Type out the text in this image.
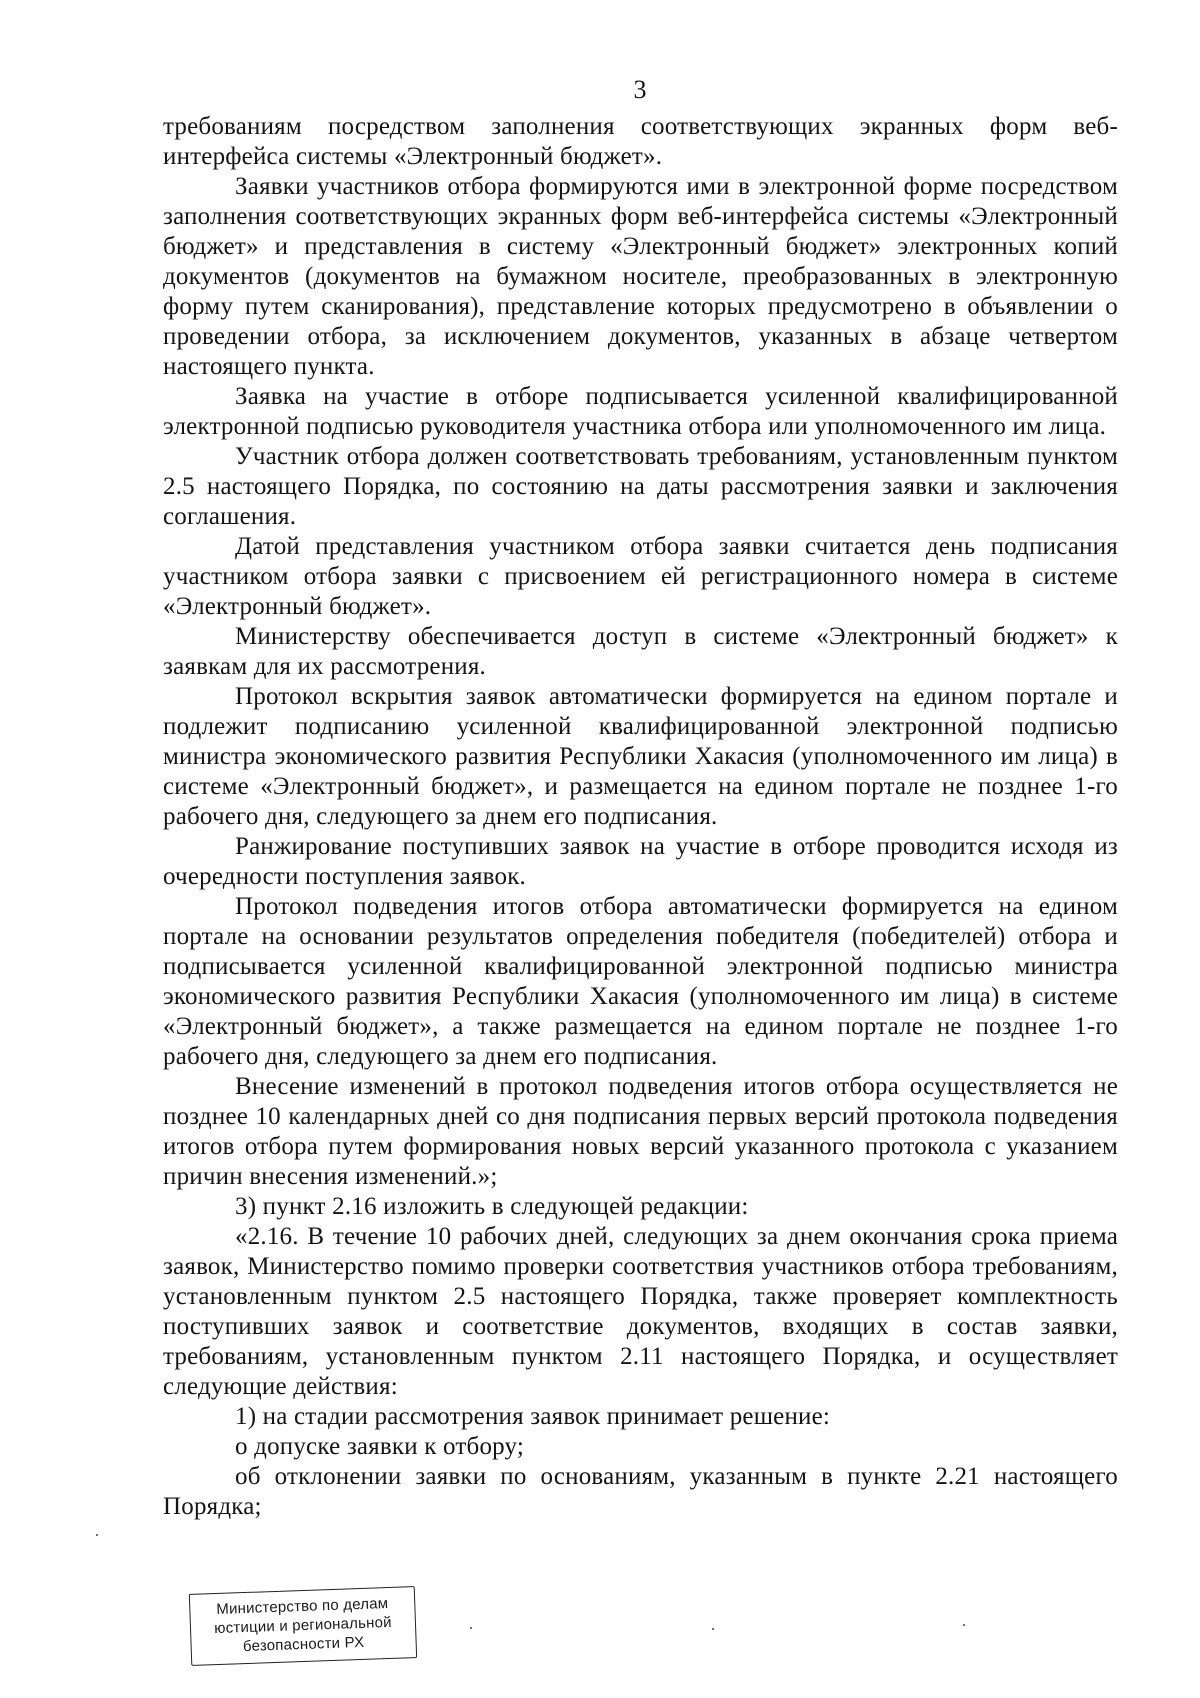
3

требованиям посредством заполнения соответствующих экранных форм веб-интерфейса системы «Электронный бюджет».

Заявки участников отбора формируются ими в электронной форме посредством заполнения соответствующих экранных форм веб-интерфейса системы «Электронный бюджет» и представления в систему «Электронный бюджет» электронных копий документов (документов на бумажном носителе, преобразованных в электронную форму путем сканирования), представление которых предусмотрено в объявлении о проведении отбора, за исключением документов, указанных в абзаце четвертом настоящего пункта.

Заявка на участие в отборе подписывается усиленной квалифицированной электронной подписью руководителя участника отбора или уполномоченного им лица.

Участник отбора должен соответствовать требованиям, установленным пунктом 2.5 настоящего Порядка, по состоянию на даты рассмотрения заявки и заключения соглашения.

Датой представления участником отбора заявки считается день подписания участником отбора заявки с присвоением ей регистрационного номера в системе «Электронный бюджет».

Министерству обеспечивается доступ в системе «Электронный бюджет» к заявкам для их рассмотрения.

Протокол вскрытия заявок автоматически формируется на едином портале и подлежит подписанию усиленной квалифицированной электронной подписью министра экономического развития Республики Хакасия (уполномоченного им лица) в системе «Электронный бюджет», и размещается на едином портале не позднее 1-го рабочего дня, следующего за днем его подписания.

Ранжирование поступивших заявок на участие в отборе проводится исходя из очередности поступления заявок.

Протокол подведения итогов отбора автоматически формируется на едином портале на основании результатов определения победителя (победителей) отбора и подписывается усиленной квалифицированной электронной подписью министра экономического развития Республики Хакасия (уполномоченного им лица) в системе «Электронный бюджет», а также размещается на едином портале не позднее 1-го рабочего дня, следующего за днем его подписания.

Внесение изменений в протокол подведения итогов отбора осуществляется не позднее 10 календарных дней со дня подписания первых версий протокола подведения итогов отбора путем формирования новых версий указанного протокола с указанием причин внесения изменений.»;

3) пункт 2.16 изложить в следующей редакции:

«2.16. В течение 10 рабочих дней, следующих за днем окончания срока приема заявок, Министерство помимо проверки соответствия участников отбора требованиям, установленным пунктом 2.5 настоящего Порядка, также проверяет комплектность поступивших заявок и соответствие документов, входящих в состав заявки, требованиям, установленным пунктом 2.11 настоящего Порядка, и осуществляет следующие действия:

1) на стадии рассмотрения заявок принимает решение:

о допуске заявки к отбору;

об отклонении заявки по основаниям, указанным в пункте 2.21 настоящего Порядка;

Министерство по делам
юстиции и региональной
безопасности РХ
